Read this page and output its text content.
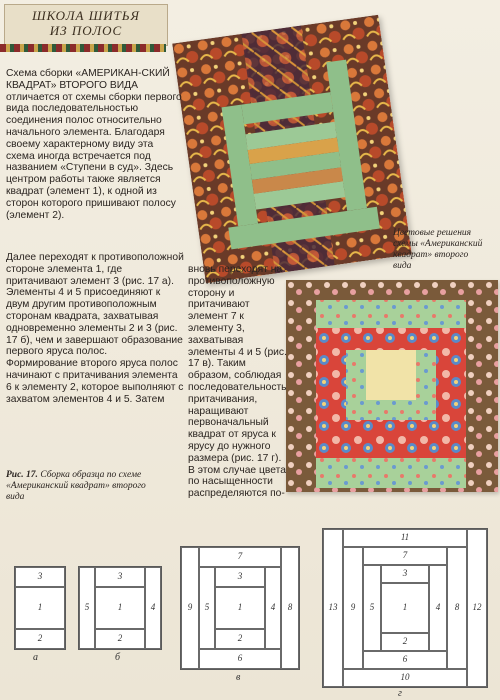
ШКОЛА ШИТЬЯ
ИЗ ПОЛОС
Схема сборки «АМЕРИКАН-СКИЙ КВАДРАТ» ВТОРОГО ВИДА отличается от схемы сборки первого вида последовательностью соединения полос относительно начального элемента. Благодаря своему характерному виду эта схема иногда встречается под названием «Ступени в суд». Здесь центром работы также является квадрат (элемент 1), к одной из сторон которого пришивают полосу (элемент 2).
Далее переходят к противоположной стороне элемента 1, где притачивают элемент 3 (рис. 17 а). Элементы 4 и 5 присоединяют к двум другим противоположным сторонам квадрата, захватывая одновременно элементы 2 и 3 (рис. 17 б), чем и завершают образование первого яруса полос.
Формирование второго яруса полос начинают с притачивания элемента 6 к элементу 2, которое выполняют с захватом элементов 4 и 5. Затем
вновь переходят на противоположную сторону и притачивают элемент 7 к элементу 3, захватывая элементы 4 и 5 (рис. 17 в). Таким образом, соблюдая последовательность притачивания, наращивают первоначальный квадрат от яруса к ярусу до нужного размера (рис. 17 г).
В этом случае цвета по насыщенности распределяются по-
Рис. 17. Сборка образца по схеме «Американский квадрат» второго вида
Цветовые решения схемы «Американский квадрат» второго вида
3
1
2
а
3
5	1	4
2
б
7
3
9	5	1	4	8
2
6
в
11
7
3
13	9	5	1	4	8	12
2
6
10
г
